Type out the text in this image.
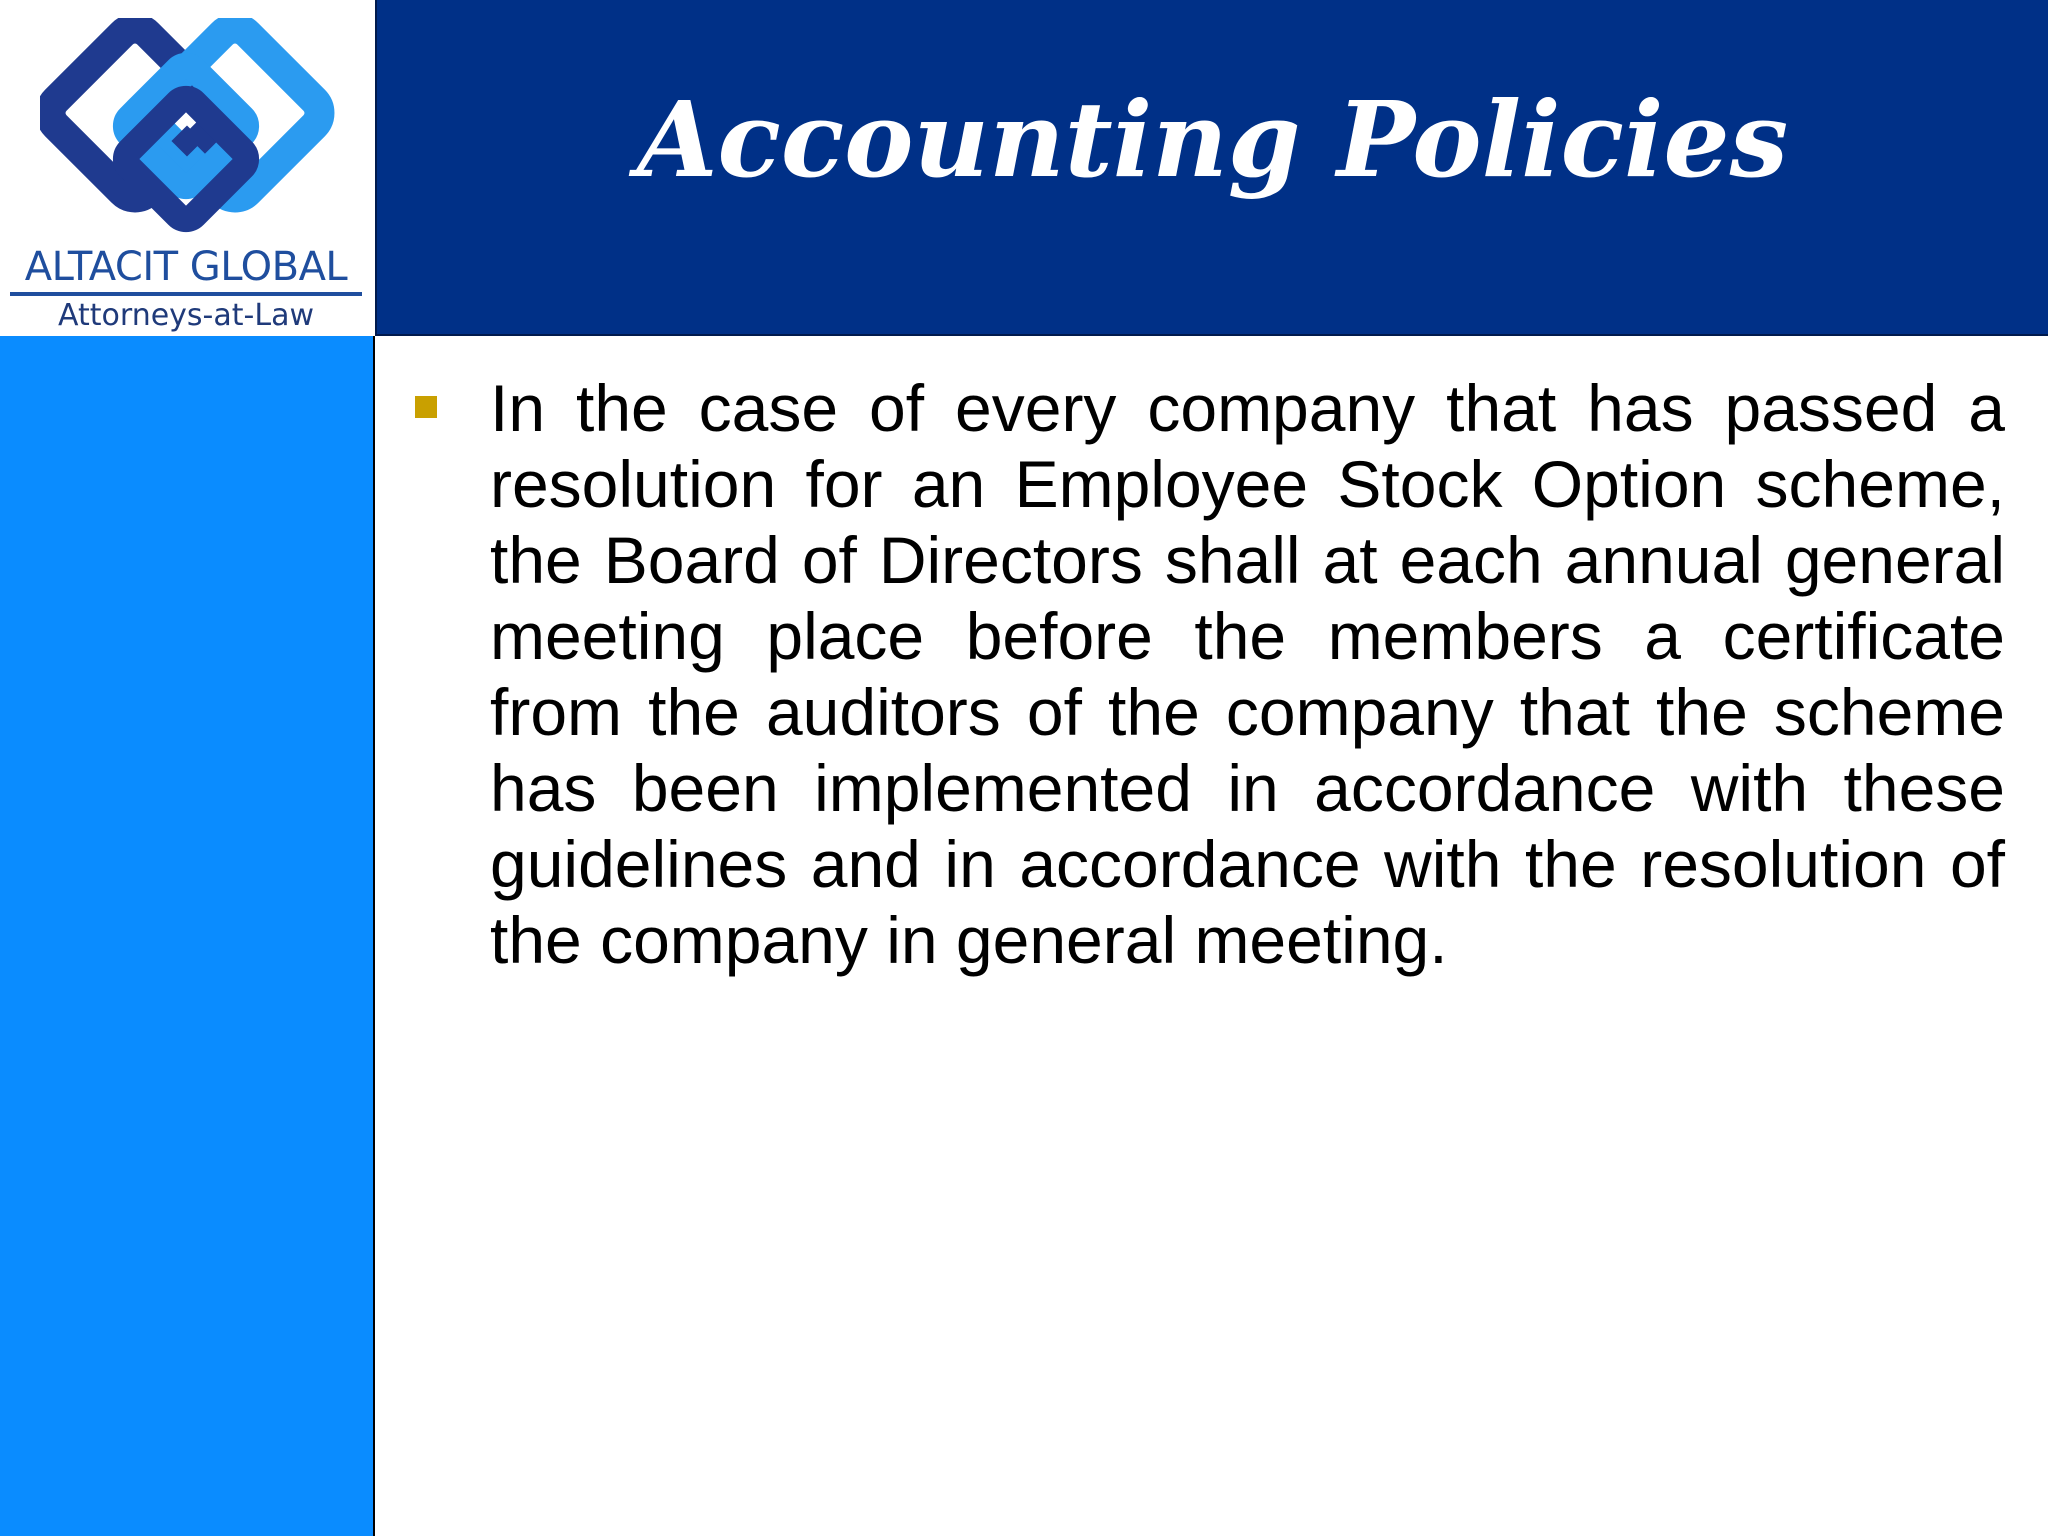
ALTACIT GLOBAL
Attorneys-at-Law
Accounting Policies

In the case of every company that has passed a resolution for an Employee Stock Option scheme, the Board of Directors shall at each annual general meeting place before the members a certificate from the auditors of the company that the scheme has been implemented in accordance with these guidelines and in accordance with the resolution of the company in general meeting.
